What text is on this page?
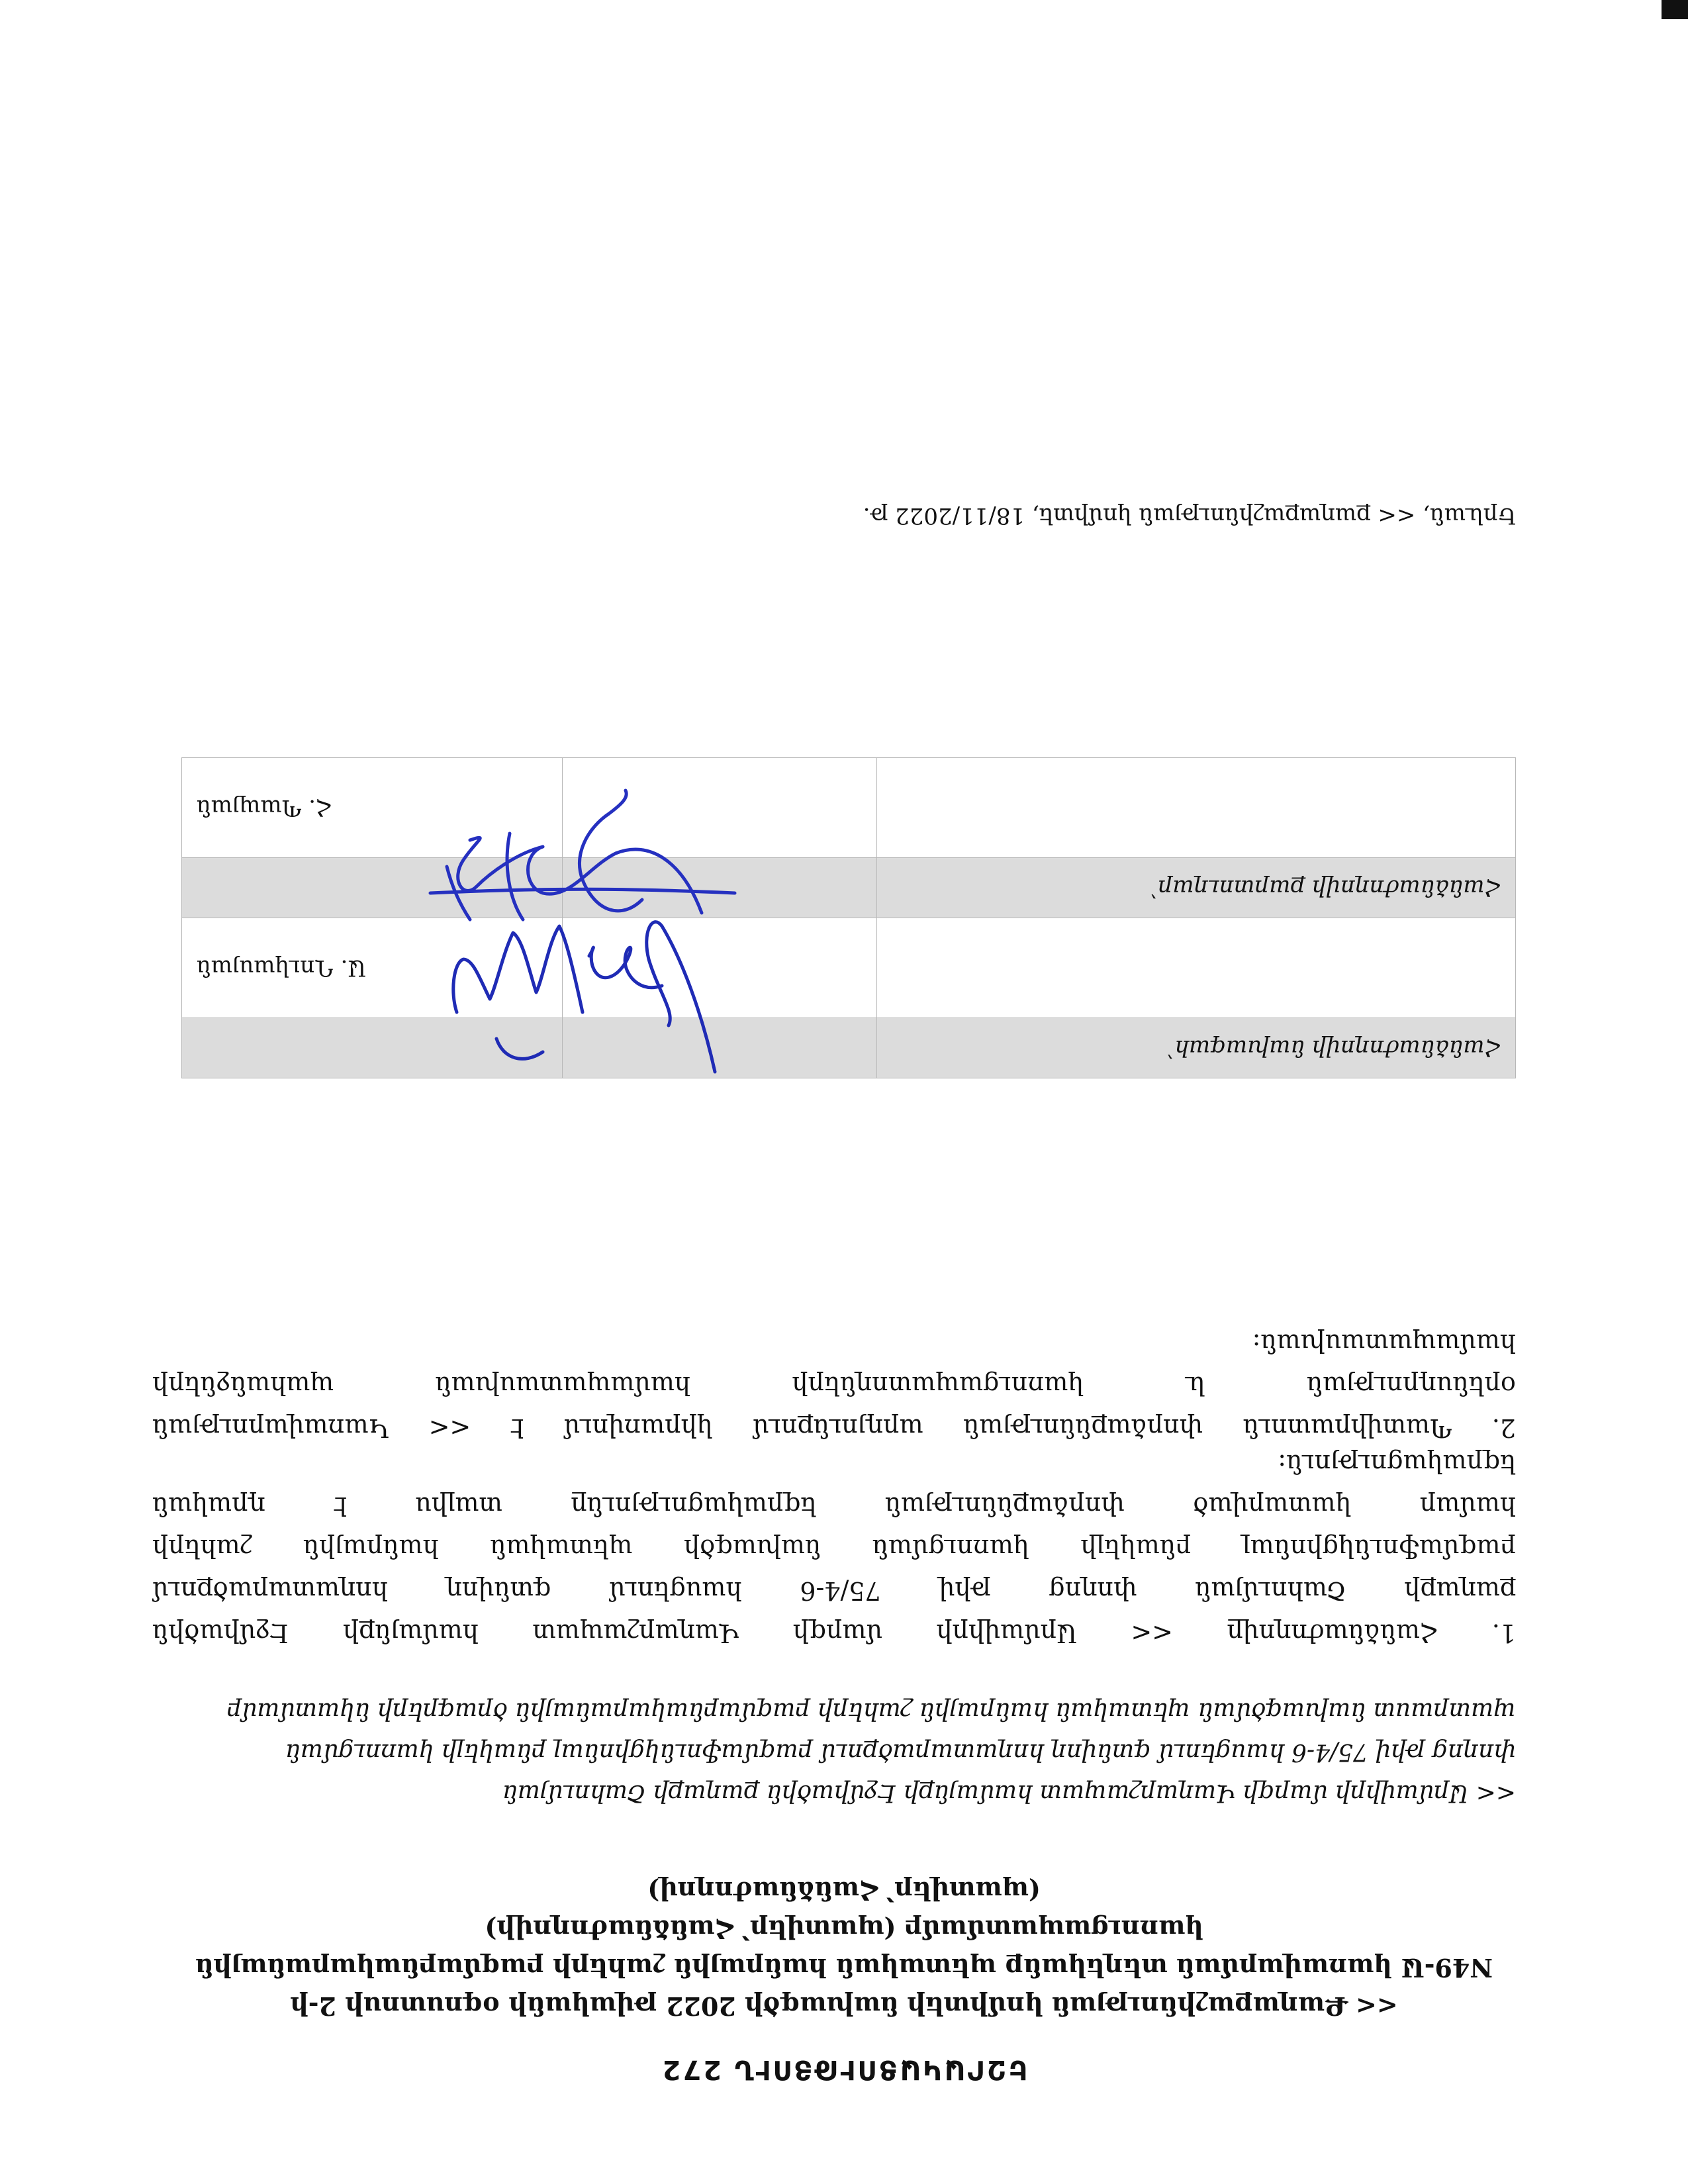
ԵԶՐԱԿԱՑՈՒԹՅՈՒՆ 272
<< Քաղաքաշինության կոմիտեի նախագծի 2022 թվականի օգոստոսի 2-ի
N49-Ա կառավարման տեղեկանք պետական հանրային շահերի բազմաբնակարանային կառուցապատմամբ (պատվեր՝ Հանձնաժողովի)
(պատվեր՝ Հանձնաժողով)
<< Արմավիրի մարզի Վաղարշապատ համայնքի Էջմիածին քաղաքի Շահումյան
փողոց թիվ 75/4-6 հասցեում գտնվող հողատարածքում բազմաֆունկցիոնալ բնակելի կառուցման
պատրաստ նախագծման պետական հանրային շահերի բազմաբնակարանային ծրագրերի նկատմամբ
1. Հանձնաժողովը << Արմավիրի մարզի Վաղարշապատ համայնքի Էջմիածին
քաղաքի Շահումյան փողոց թիվ 75/4-6 հասցեում գտնվող հողատարածքում
բազմաֆունկցիոնալ բնակելի կառուցման նախագծի պետական հանրային շահերի
համար կատարված փորձաքննության եզրակացությունը տալիս է դրական
եզրակացություն:
2. Պատվիրատուն փորձաքննության արդյունքում կիրառվում է << Կառավարության
օրենսդրության և կառուցապատողների համապատասխան պահանջների
համապատասխան:
Հանձնաժողովի նախագահ՝		
		Ա. Ղուկասյան
Հանձնաժողովի քարտուղար՝		
		Հ. Պապյան
Երևան, << քաղաքաշինության կոմիտե, 18/11/2022 թ.
